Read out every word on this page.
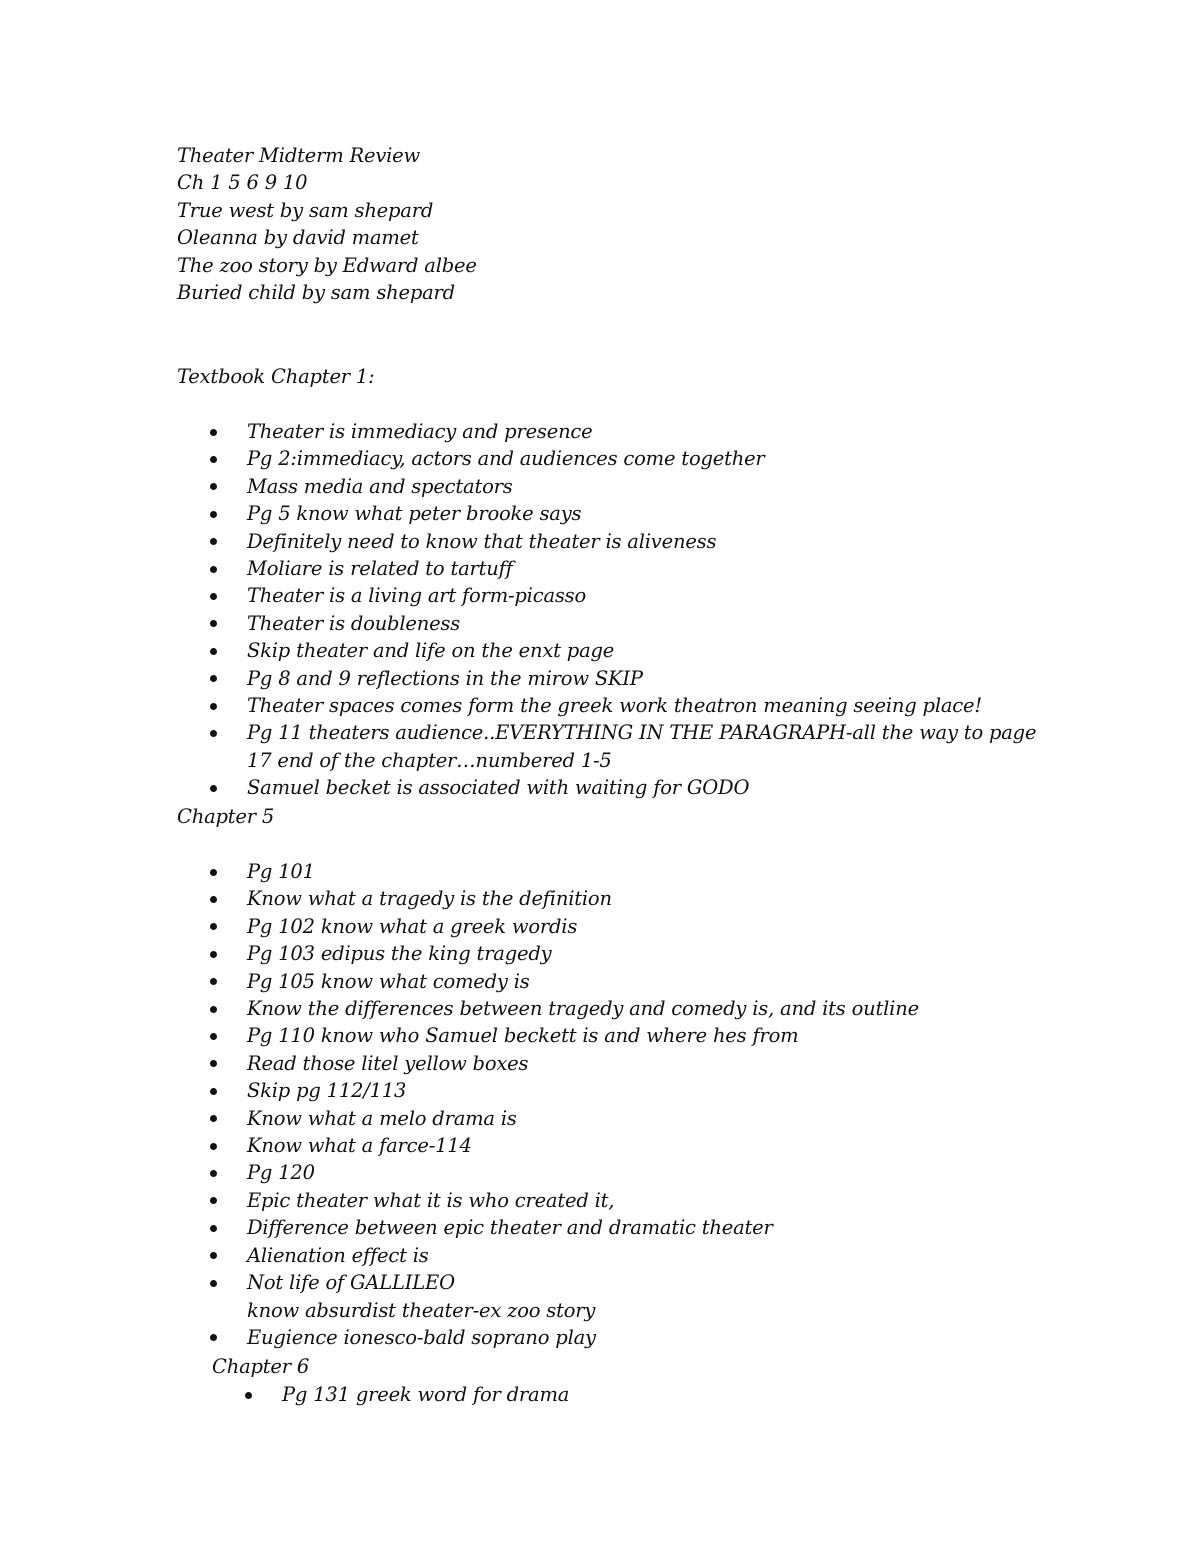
Theater Midterm Review
Ch 1 5 6 9 10
True west by sam shepard
Oleanna by david mamet
The zoo story by Edward albee
Buried child by sam shepard
Textbook Chapter 1:
Theater is immediacy and presence
Pg 2:immediacy, actors and audiences come together
Mass media and spectators
Pg 5 know what peter brooke says
Definitely need to know that theater is aliveness
Moliare is related to tartuff
Theater is a living art form-picasso
Theater is doubleness
Skip theater and life on the enxt page
Pg 8 and 9 reflections in the mirow SKIP
Theater spaces comes form the greek work theatron meaning seeing place!
Pg 11 theaters audience..EVERYTHING IN THE PARAGRAPH-all the way to page
17 end of the chapter…numbered 1-5
Samuel becket is associated with waiting for GODO
Chapter 5
Pg 101
Know what a tragedy is the definition
Pg 102 know what a greek wordis
Pg 103 edipus the king tragedy
Pg 105 know what comedy is
Know the differences between tragedy and comedy is, and its outline
Pg 110 know who Samuel beckett is and where hes from
Read those litel yellow boxes
Skip pg 112/113
Know what a melo drama is
Know what a farce-114
Pg 120
Epic theater what it is who created it,
Difference between epic theater and dramatic theater
Alienation effect is
Not life of GALLILEO
know absurdist theater-ex zoo story
Eugience ionesco-bald soprano play
Chapter 6
Pg 131 greek word for drama
